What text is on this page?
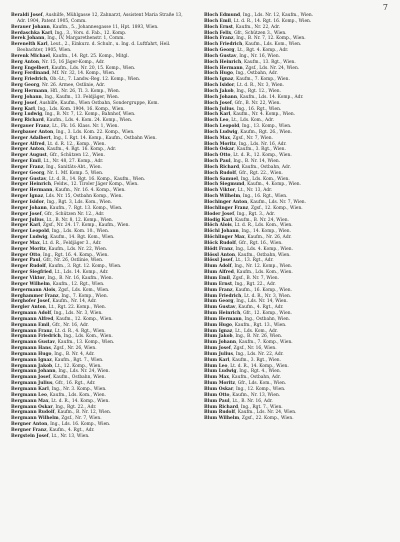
7

Beraldi Josef, Aushilfe, Mühlgasse 12, Zahnarzt, Assistent Maria Straße 13, Adr. 1904, Patent 1905, Comm.

Berauer Johann, Kaufm., 5., Johannesgasse 11, Hpt. 1893, Wien.

Berdaschka Karl, Ing., 3., Vors. d. Fab., 12. Komp.

Berek Johann, Ing., IV, Margarethenstr. 1, Comm.

Berenelth Karl, Leut., 2., Einkurz. d. Schulr., u. Ing. d. Luftfahrt, Heil. Beobachter, 1905, Wien.

Berenk Michael, Kaufm., 14. Rgt. 25. Komp., Mitgl.

Berg Anton, Nr. 15, 16 Jäger-Komp., Adr.

Berg Engelbert, Kaufm., Lds. Nr. 20, 15. Komp., Wien.

Berg Ferdinand, Mf. Nr. 32, 14. Komp., Wien.

Berg Friedrich, Ob.-Lt., 7. Landw.-Reg. 12. Komp., Wien.

Berg Georg, Nr. 26. Armee, Ostlinie, Adr.

Berg Hermann, Hfl., Nr. 26, Tl. 3. Komp., Wien.

Berg Johann, Ing., Kaufm., 13. Feldjäger, Wien.

Berg Josef, Aushilfe, Kaufm., Wien Ostbahn, Sondergruppe, Kom.

Berg Karl, Ing., Lds. Kom. 1904, 16. Komp., Wien.

Berg Ludwig, Ing., B. Nr. 7, 12. Komp., Bahnhof, Wien.

Berg Richard, Kaufm., Lds. 4. Kom. 24. Komp., Wien.

Bergauer Franz, Lt., Fk. 16. Klass. Nr. 1, Wien.

Bergbauer Anton, Ing., 3. Lds. Kom. 22. Komp., Wien.

Berger Adalbert, Ing., I. Rgt. 14. Komp., Kaufm., Ostbahn Wien.

Berger Alfred, Lt. d. R. 12., Komp., Wien.

Berger Anton, Kaufm., 4. Rgt. 16. Komp., Adr.

Berger August, Gfr., Schützen 12., Wien.

Berger Emil, Lt., Nr. 48, 27. Komp., Adr.

Berger Franz, Ing., Sanitäts-Abt., Wien.

Berger Georg, Nr. 1. Mf. Komp. 5, Wien.

Berger Gustav, Lt. d. R., 14. Rgt. 16. Komp., Kaufm., Wien.

Berger Heinrich, Feldw., 12. Tiroler Jäger Komp., Wien.

Berger Hermann, Kaufm., Nr. 16. 4. Komp., Wien.

Berger Ignaz, Lds. Nr. 15, Ostbahn Komp., Wien.

Berger Isidor, Ing., Rgt. 3, Lds. Kom., Wien.

Berger Johann, Kaufm., 7. Rgt. 13. Komp., Wien.

Berger Josef, Gfr., Schützen Nr. 12., Adr.

Berger Julius, Lt., B. Nr. 8, 12. Komp., Wien.

Berger Karl, Zgsf., Nr. 24. 17. Komp., Kaufm., Wien.

Berger Leopold, Ing., Lds. Kom. 10., Wien.

Berger Ludwig, Kaufm., 14. Rgt. Kom., Wien.

Berger Max, Lt. d. R., Feldjäger 3., Adr.

Berger Moritz, Kaufm., Lds. Nr. 22, Wien.

Berger Otto, Ing., Rgt. 16. 4. Komp., Wien.

Berger Paul, Gfr., Nr. 26, Ostlinie, Wien.

Berger Rudolf, Kaufm., 3. Rgt. 12. Komp., Wien.

Berger Siegfried, Lt., Lds. 14. Komp., Adr.

Berger Viktor, Ing., B. Nr. 16, Kaufm., Wien.

Berger Wilhelm, Kaufm., 12. Rgt., Wien.

Bergermann Alois, Zgsf., Lds. Kom., Wien.

Berghammer Franz, Ing., 7. Komp., Wien.

Berghofer Josef, Kaufm., Nr. 14, Adr.

Bergler Anton, Lt., Rgt. 22. Komp., Wien.

Bergmann Adolf, Ing., Lds. Nr. 3, Wien.

Bergmann Alfred, Kaufm., 12. Komp., Wien.

Bergmann Emil, Gfr., Nr. 16, Adr.

Bergmann Franz, Lt. d. R., 4. Rgt., Wien.

Bergmann Friedrich, Ing., Lds. Kom., Wien.

Bergmann Gustav, Kaufm., 13. Komp., Wien.

Bergmann Hans, Zgsf., Nr. 26, Wien.

Bergmann Hugo, Ing., B. Nr. 4, Adr.

Bergmann Ignaz, Kaufm., Rgt. 7., Wien.

Bergmann Jakob, Lt., 12. Komp., Wien.

Bergmann Johann, Ing., Lds. Nr. 24, Wien.

Bergmann Josef, Kaufm., Ostbahn, Wien.

Bergmann Julius, Gfr., 16. Rgt., Adr.

Bergmann Karl, Ing., Nr. 3. Komp., Wien.

Bergmann Leo, Kaufm., Lds. Kom., Wien.

Bergmann Max, Lt. d. R., 14. Komp., Wien.

Bergmann Oskar, Ing., Rgt. 22., Adr.

Bergmann Rudolf, Kaufm., B. Nr. 12, Wien.

Bergmann Wilhelm, Zgsf., Nr. 7, Wien.

Bergner Anton, Ing., Lds. 16. Komp., Wien.

Bergner Franz, Kaufm., 4. Rgt., Adr.

Bergstein Josef, Lt., Nr. 13, Wien.

Bloch Edmund, Ing., Lds. Nr. 12, Kaufm., Wien.

Bloch Emil, Lt. d. R., 14. Rgt. 16. Komp., Wien.

Bloch Ernst, Kaufm., Nr. 22, Adr.

Bloch Felix, Gfr., Schützen 3., Wien.

Bloch Franz, Ing., B. Nr. 7, 12. Komp., Wien.

Bloch Friedrich, Kaufm., Lds. Kom., Wien.

Bloch Georg, Lt., Rgt. 4. Komp., Adr.

Bloch Gustav, Ing., Nr. 16, Wien.

Bloch Heinrich, Kaufm., 13. Rgt., Wien.

Bloch Hermann, Zgsf., Lds. Nr. 24, Wien.

Bloch Hugo, Ing., Ostbahn, Adr.

Bloch Ignaz, Kaufm., 7. Komp., Wien.

Bloch Isidor, Lt. d. R., Nr. 3, Wien.

Bloch Jakob, Ing., Rgt. 12., Wien.

Bloch Johann, Kaufm., Lds. 14. Komp., Adr.

Bloch Josef, Gfr., B. Nr. 22, Wien.

Bloch Julius, Ing., 16. Rgt., Wien.

Bloch Karl, Kaufm., Nr. 4. Komp., Wien.

Bloch Leo, Lt., Lds. Kom., Adr.

Bloch Leopold, Ing., 13. Komp., Wien.

Bloch Ludwig, Kaufm., Rgt. 26., Wien.

Bloch Max, Zgsf., Nr. 7, Wien.

Bloch Moritz, Ing., Lds. Nr. 16, Adr.

Bloch Oskar, Kaufm., 3. Rgt., Wien.

Bloch Otto, Lt. d. R., 12. Komp., Wien.

Bloch Paul, Ing., B. Nr. 14, Wien.

Bloch Richard, Kaufm., Ostbahn, Adr.

Bloch Rudolf, Gfr., Rgt. 22., Wien.

Bloch Samuel, Ing., Lds. Kom., Wien.

Bloch Siegmund, Kaufm., 4. Komp., Wien.

Bloch Viktor, Lt., Nr. 13, Adr.

Bloch Wilhelm, Ing., 16. Rgt., Wien.

Blochinger Anton, Kaufm., Lds. Nr. 7, Wien.

Blochlinger Franz, Zgsf., 12. Komp., Wien.

Bloder Josef, Ing., Rgt. 3., Adr.

Blodig Karl, Kaufm., B. Nr. 24, Wien.

Blöch Alois, Lt. d. R., Lds. Kom., Wien.

Blöchl Johann, Ing., 14. Komp., Wien.

Blöchlinger Max, Kaufm., Nr. 26, Adr.

Blöck Rudolf, Gfr., Rgt. 16., Wien.

Blödt Franz, Ing., Lds. 4. Komp., Wien.

Blössl Anton, Kaufm., Ostbahn, Wien.

Blössl Josef, Lt., 13. Rgt., Adr.

Blum Adolf, Ing., Nr. 12. Komp., Wien.

Blum Alfred, Kaufm., Lds. Kom., Wien.

Blum Emil, Zgsf., B. Nr. 7, Wien.

Blum Ernst, Ing., Rgt. 22., Adr.

Blum Franz, Kaufm., 16. Komp., Wien.

Blum Friedrich, Lt. d. R., Nr. 3, Wien.

Blum Georg, Ing., Lds. Nr. 14, Wien.

Blum Gustav, Kaufm., 4. Rgt., Adr.

Blum Heinrich, Gfr., 12. Komp., Wien.

Blum Hermann, Ing., Ostbahn, Wien.

Blum Hugo, Kaufm., Rgt. 13., Wien.

Blum Ignaz, Lt., Lds. Kom., Adr.

Blum Jakob, Ing., B. Nr. 26, Wien.

Blum Johann, Kaufm., 7. Komp., Wien.

Blum Josef, Zgsf., Nr. 16, Wien.

Blum Julius, Ing., Lds. Nr. 22, Adr.

Blum Karl, Kaufm., 3. Rgt., Wien.

Blum Leo, Lt. d. R., 14. Komp., Wien.

Blum Ludwig, Ing., Rgt. 4., Wien.

Blum Max, Kaufm., Ostbahn, Adr.

Blum Moritz, Gfr., Lds. Kom., Wien.

Blum Oskar, Ing., 12. Komp., Wien.

Blum Otto, Kaufm., Nr. 13, Wien.

Blum Paul, Lt., B. Nr. 16, Adr.

Blum Richard, Ing., Rgt. 7., Wien.

Blum Rudolf, Kaufm., Lds. Nr. 24, Wien.

Blum Wilhelm, Zgsf., 22. Komp., Wien.
